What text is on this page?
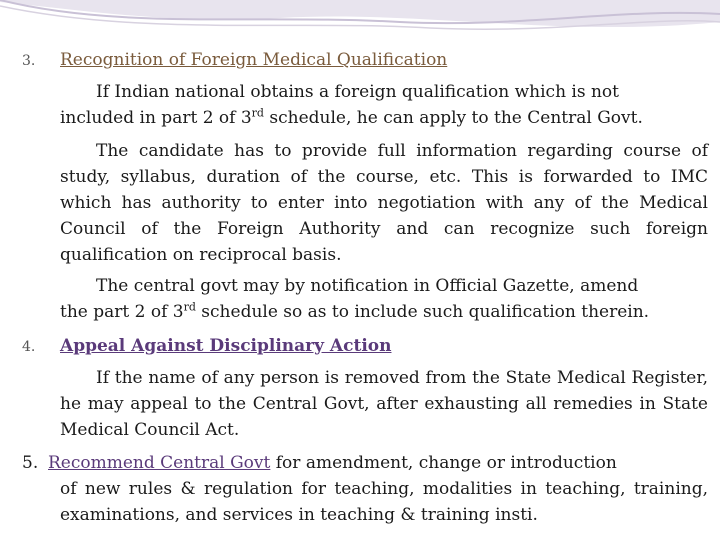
3. Recognition of Foreign Medical Qualification
If Indian national obtains a foreign qualification which is not
included in part 2 of 3rd schedule, he can apply to the Central Govt.
The candidate has to provide full information regarding course of study, syllabus, duration of the course, etc. This is forwarded to IMC which has authority to enter into negotiation with any of the Medical Council of the Foreign Authority and can recognize such foreign qualification on reciprocal basis.
The central govt may by notification in Official Gazette, amend
the part 2 of 3rd schedule so as to include such qualification therein.
4. Appeal Against Disciplinary Action
If the name of any person is removed from the State Medical Register, he may appeal to the Central Govt, after exhausting all remedies in State Medical Council Act.
5. Recommend Central Govt for amendment, change or introduction
of new rules & regulation for teaching, modalities in teaching, training, examinations, and services in teaching & training insti.
